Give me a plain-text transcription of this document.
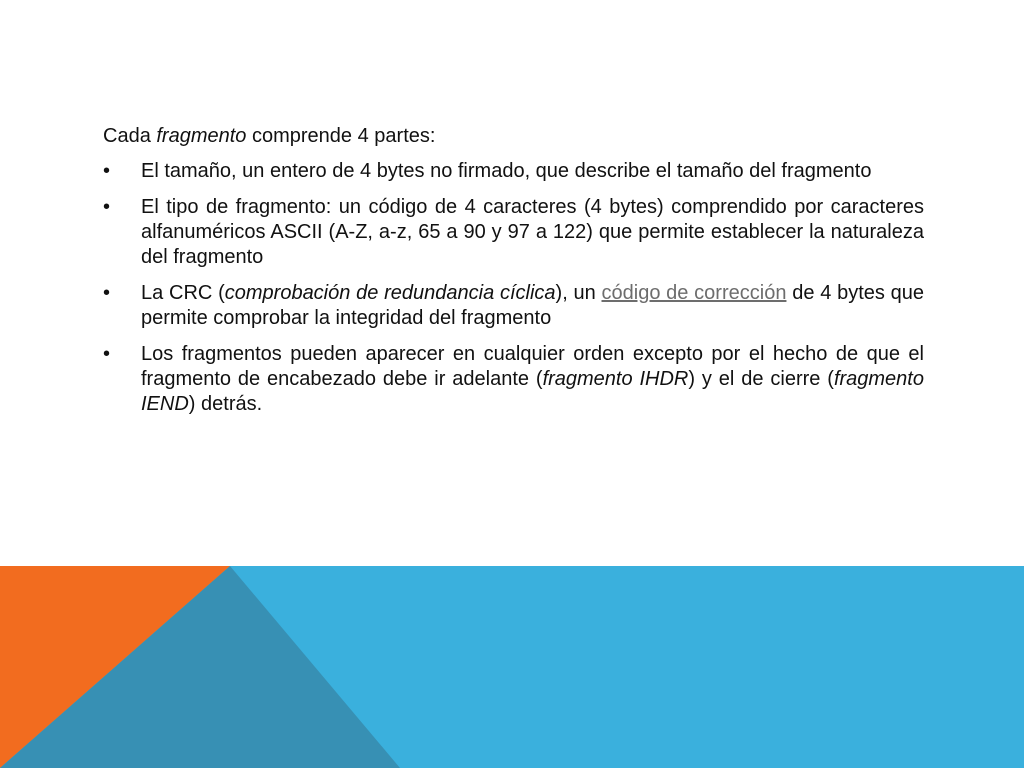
Cada fragmento comprende 4 partes:

• El tamaño, un entero de 4 bytes no firmado, que describe el tamaño del fragmento
• El tipo de fragmento: un código de 4 caracteres (4 bytes) comprendido por caracteres alfanuméricos ASCII (A-Z, a-z, 65 a 90 y 97 a 122) que permite establecer la naturaleza del fragmento
• La CRC (comprobación de redundancia cíclica), un código de corrección de 4 bytes que permite comprobar la integridad del fragmento
• Los fragmentos pueden aparecer en cualquier orden excepto por el hecho de que el fragmento de encabezado debe ir adelante (fragmento IHDR) y el de cierre (fragmento IEND) detrás.
